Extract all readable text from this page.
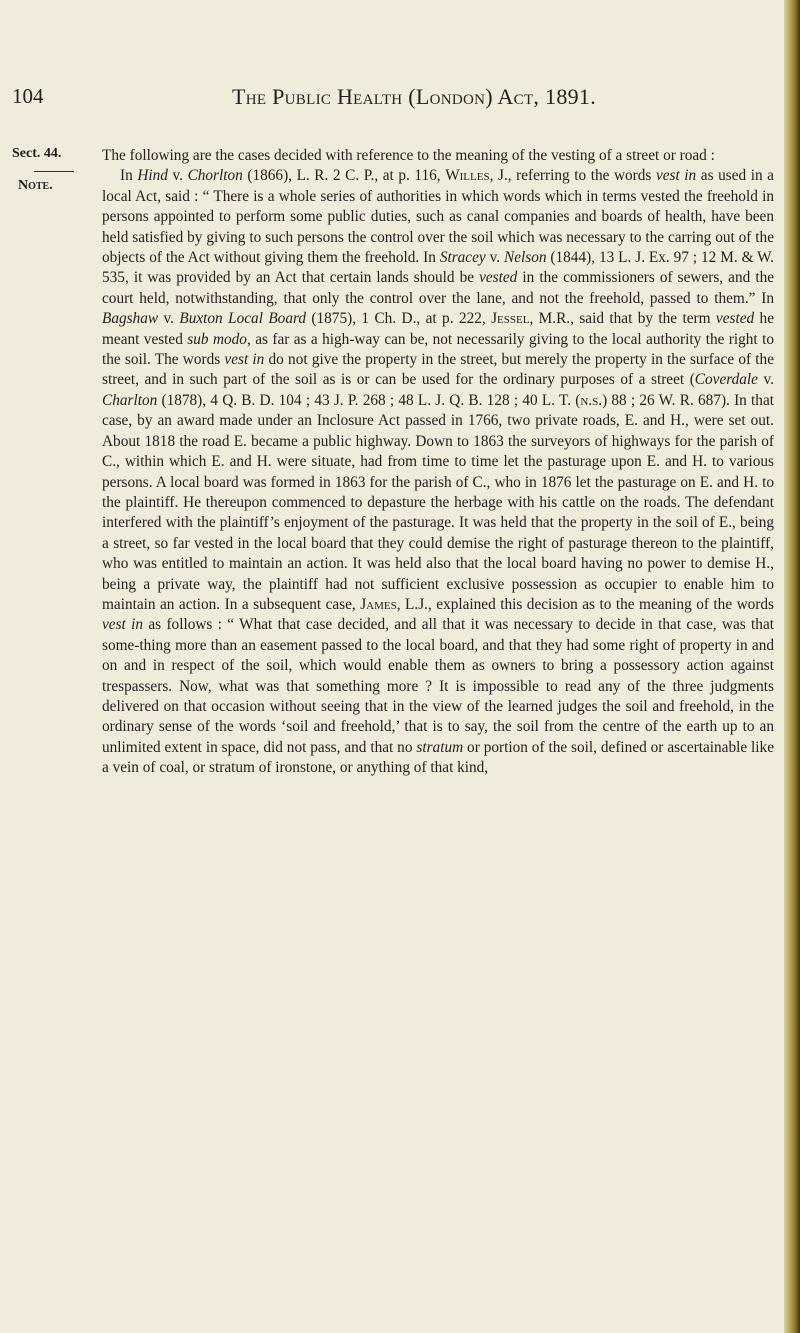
104	The Public Health (London) Act, 1891.
Sect. 44.
Note.

The following are the cases decided with reference to the meaning of the vesting of a street or road :

In Hind v. Chorlton (1866), L. R. 2 C. P., at p. 116, Willes, J., referring to the words vest in as used in a local Act, said : “ There is a whole series of authorities in which words which in terms vested the freehold in persons appointed to perform some public duties, such as canal companies and boards of health, have been held satisfied by giving to such persons the control over the soil which was necessary to the carring out of the objects of the Act without giving them the freehold. In Stracey v. Nelson (1844), 13 L. J. Ex. 97 ; 12 M. & W. 535, it was provided by an Act that certain lands should be vested in the commissioners of sewers, and the court held, notwithstanding, that only the control over the lane, and not the freehold, passed to them.” In Bagshaw v. Buxton Local Board (1875), 1 Ch. D., at p. 222, Jessel, M.R., said that by the term vested he meant vested sub modo, as far as a high-way can be, not necessarily giving to the local authority the right to the soil. The words vest in do not give the property in the street, but merely the property in the surface of the street, and in such part of the soil as is or can be used for the ordinary purposes of a street (Coverdale v. Charlton (1878), 4 Q. B. D. 104 ; 43 J. P. 268 ; 48 L. J. Q. B. 128 ; 40 L. T. (n.s.) 88 ; 26 W. R. 687). In that case, by an award made under an Inclosure Act passed in 1766, two private roads, E. and H., were set out. About 1818 the road E. became a public highway. Down to 1863 the surveyors of highways for the parish of C., within which E. and H. were situate, had from time to time let the pasturage upon E. and H. to various persons. A local board was formed in 1863 for the parish of C., who in 1876 let the pasturage on E. and H. to the plaintiff. He thereupon commenced to depasture the herbage with his cattle on the roads. The defendant interfered with the plaintiff’s enjoyment of the pasturage. It was held that the property in the soil of E., being a street, so far vested in the local board that they could demise the right of pasturage thereon to the plaintiff, who was entitled to maintain an action. It was held also that the local board having no power to demise H., being a private way, the plaintiff had not sufficient exclusive possession as occupier to enable him to maintain an action. In a subsequent case, James, L.J., explained this decision as to the meaning of the words vest in as follows : “ What that case decided, and all that it was necessary to decide in that case, was that some-thing more than an easement passed to the local board, and that they had some right of property in and on and in respect of the soil, which would enable them as owners to bring a possessory action against trespassers. Now, what was that something more ? It is impossible to read any of the three judgments delivered on that occasion without seeing that in the view of the learned judges the soil and freehold, in the ordinary sense of the words ‘soil and freehold,’ that is to say, the soil from the centre of the earth up to an unlimited extent in space, did not pass, and that no stratum or portion of the soil, defined or ascertainable like a vein of coal, or stratum of ironstone, or anything of that kind,
